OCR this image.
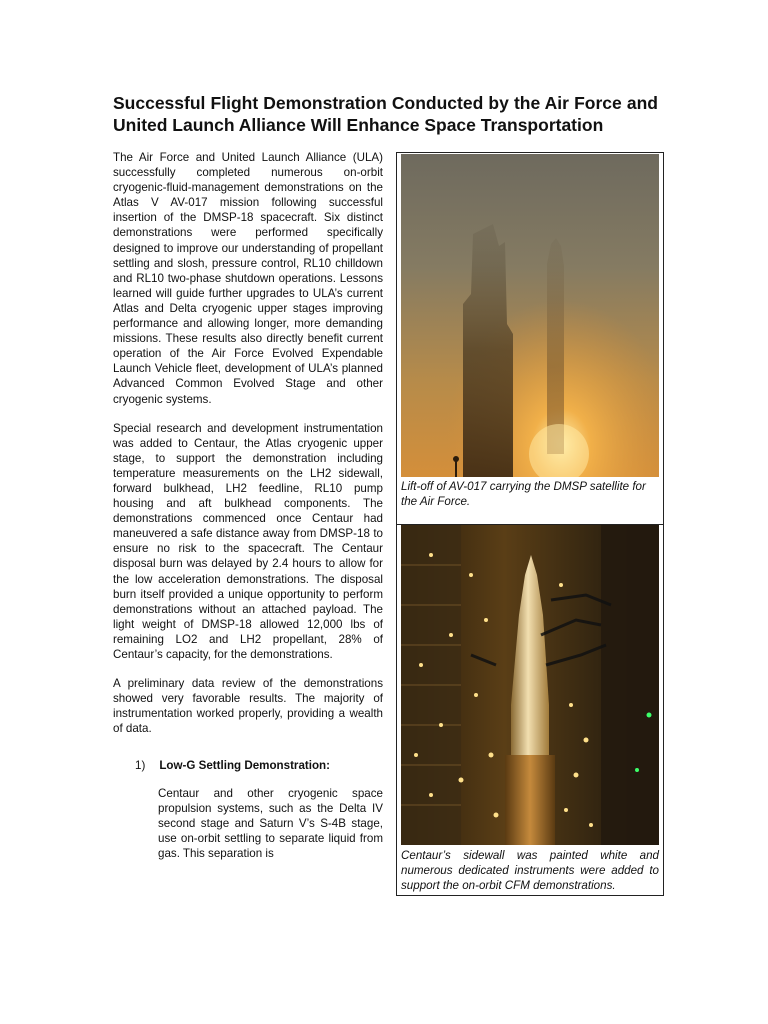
Successful Flight Demonstration Conducted by the Air Force and United Launch Alliance Will Enhance Space Transportation

The Air Force and United Launch Alliance (ULA) successfully completed numerous on-orbit cryogenic-fluid-management demonstrations on the Atlas V AV-017 mission following successful insertion of the DMSP-18 spacecraft. Six distinct demonstrations were performed specifically designed to improve our understanding of propellant settling and slosh, pressure control, RL10 chilldown and RL10 two-phase shutdown operations. Lessons learned will guide further upgrades to ULA’s current Atlas and Delta cryogenic upper stages improving performance and allowing longer, more demanding missions. These results also directly benefit current operation of the Air Force Evolved Expendable Launch Vehicle fleet, development of ULA’s planned Advanced Common Evolved Stage and other cryogenic systems.

Special research and development instrumentation was added to Centaur, the Atlas cryogenic upper stage, to support the demonstration including temperature measurements on the LH2 sidewall, forward bulkhead, LH2 feedline, RL10 pump housing and aft bulkhead components. The demonstrations commenced once Centaur had maneuvered a safe distance away from DMSP-18 to ensure no risk to the spacecraft. The Centaur disposal burn was delayed by 2.4 hours to allow for the low acceleration demonstrations. The disposal burn itself provided a unique opportunity to perform demonstrations without an attached payload. The light weight of DMSP-18 allowed 12,000 lbs of remaining LO2 and LH2 propellant, 28% of Centaur’s capacity, for the demonstrations.

A preliminary data review of the demonstrations showed very favorable results. The majority of instrumentation worked properly, providing a wealth of data.

1) Low-G Settling Demonstration:

Centaur and other cryogenic space propulsion systems, such as the Delta IV second stage and Saturn V’s S-4B stage, use on-orbit settling to separate liquid from gas. This separation is

Lift-off of AV-017 carrying the DMSP satellite for the Air Force.
Centaur’s sidewall was painted white and numerous dedicated instruments were added to support the on-orbit CFM demonstrations.
